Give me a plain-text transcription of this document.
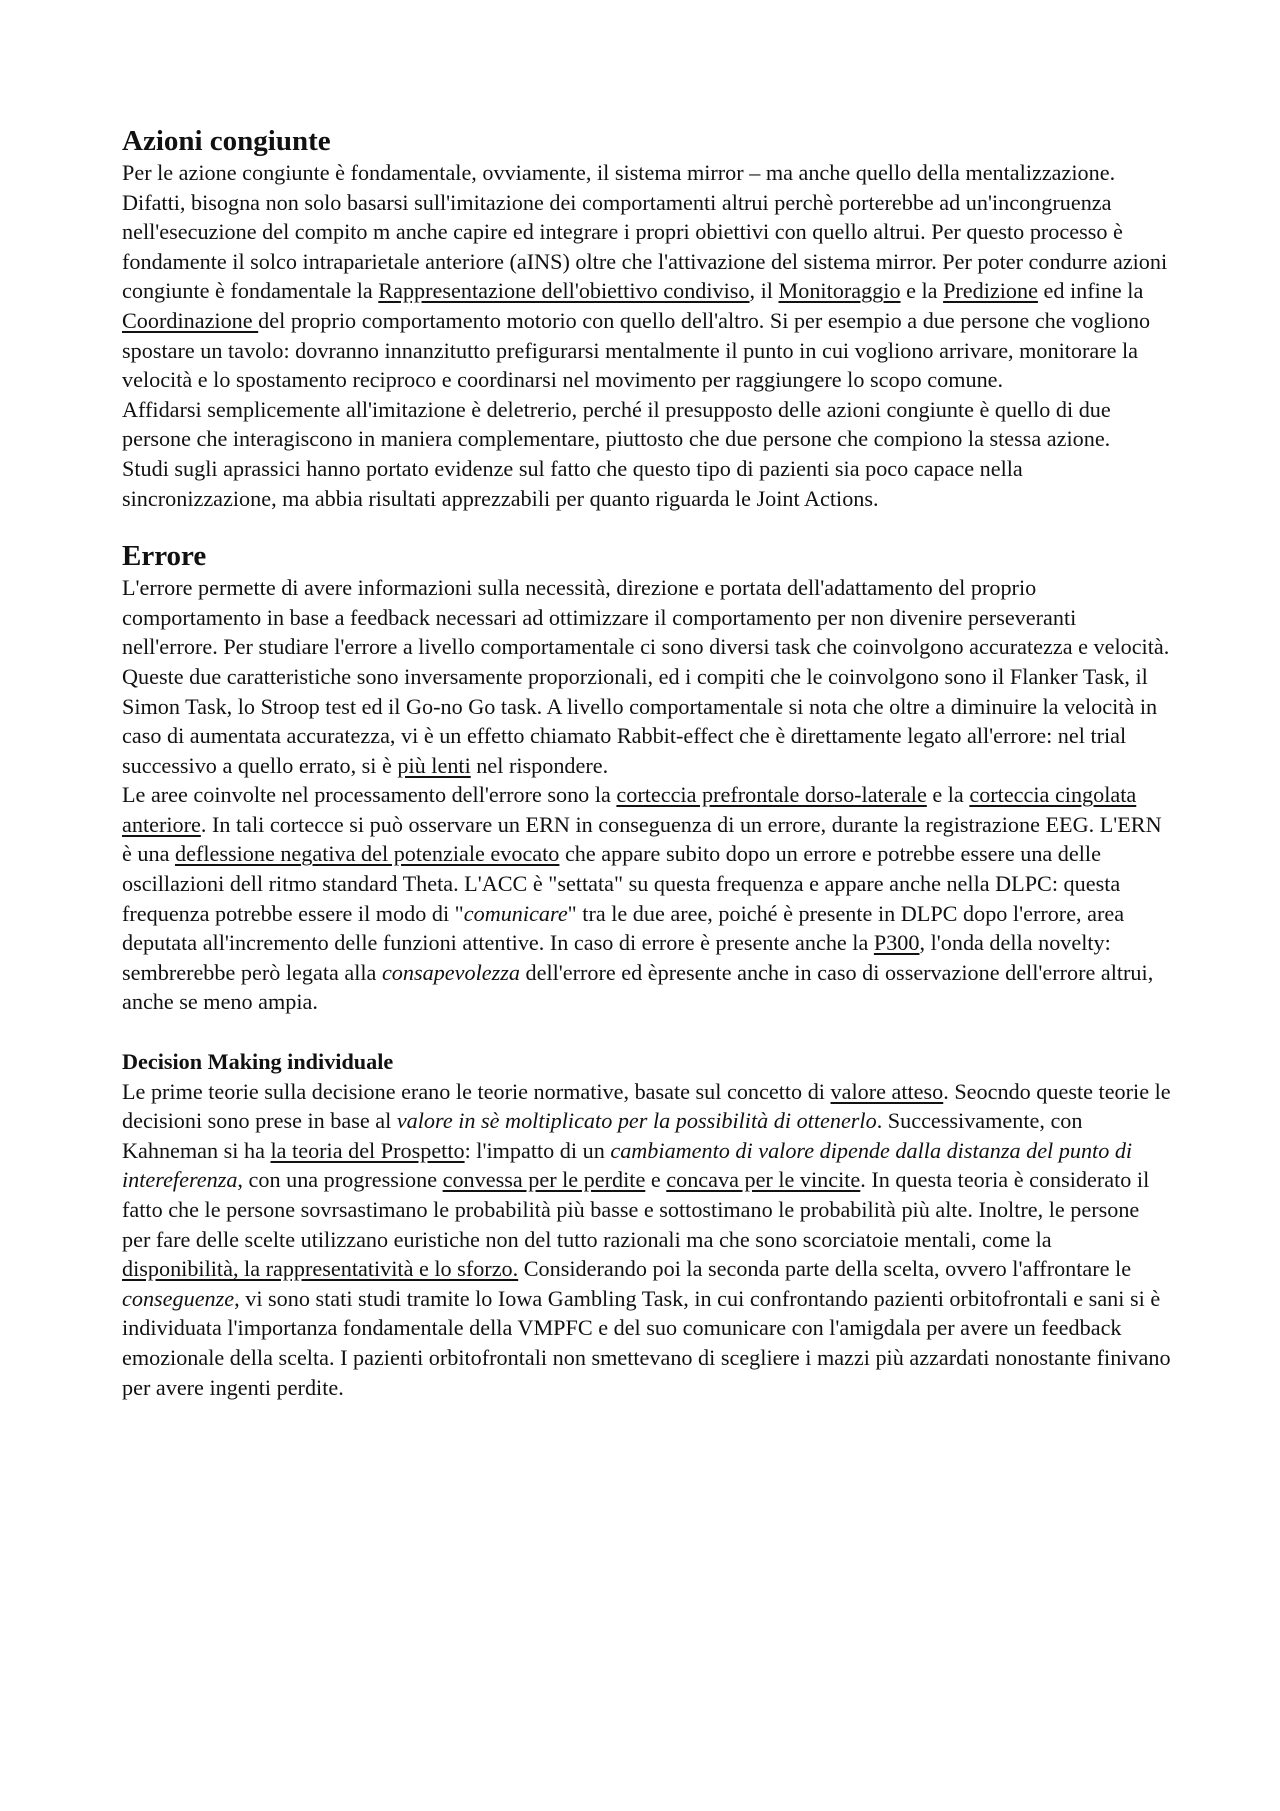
Azioni congiunte

Per le azione congiunte è fondamentale, ovviamente, il sistema mirror – ma anche quello della mentalizzazione. Difatti, bisogna non solo basarsi sull'imitazione dei comportamenti altrui perchè porterebbe ad un'incongruenza nell'esecuzione del compito m anche capire ed integrare i propri obiettivi con quello altrui. Per questo processo è fondamente il solco intraparietale anteriore (aINS) oltre che l'attivazione del sistema mirror. Per poter condurre azioni congiunte è fondamentale la Rappresentazione dell'obiettivo condiviso, il Monitoraggio e la Predizione ed infine la Coordinazione del proprio comportamento motorio con quello dell'altro. Si per esempio a due persone che vogliono spostare un tavolo: dovranno innanzitutto prefigurarsi mentalmente il punto in cui vogliono arrivare, monitorare la velocità e lo spostamento reciproco e coordinarsi nel movimento per raggiungere lo scopo comune.

Affidarsi semplicemente all'imitazione è deletrerio, perché il presupposto delle azioni congiunte è quello di due persone che interagiscono in maniera complementare, piuttosto che due persone che compiono la stessa azione.

Studi sugli aprassici hanno portato evidenze sul fatto che questo tipo di pazienti sia poco capace nella sincronizzazione, ma abbia risultati apprezzabili per quanto riguarda le Joint Actions.

Errore

L'errore permette di avere informazioni sulla necessità, direzione e portata dell'adattamento del proprio comportamento in base a feedback necessari ad ottimizzare il comportamento per non divenire perseveranti nell'errore. Per studiare l'errore a livello comportamentale ci sono diversi task che coinvolgono accuratezza e velocità. Queste due caratteristiche sono inversamente proporzionali, ed i compiti che le coinvolgono sono il Flanker Task, il Simon Task, lo Stroop test ed il Go-no Go task. A livello comportamentale si nota che oltre a diminuire la velocità in caso di aumentata accuratezza, vi è un effetto chiamato Rabbit-effect che è direttamente legato all'errore: nel trial successivo a quello errato, si è più lenti nel rispondere.

Le aree coinvolte nel processamento dell'errore sono la corteccia prefrontale dorso-laterale e la corteccia cingolata anteriore. In tali cortecce si può osservare un ERN in conseguenza di un errore, durante la registrazione EEG. L'ERN è una deflessione negativa del potenziale evocato che appare subito dopo un errore e potrebbe essere una delle oscillazioni dell ritmo standard Theta. L'ACC è "settata" su questa frequenza e appare anche nella DLPC: questa frequenza potrebbe essere il modo di "comunicare" tra le due aree, poiché è presente in DLPC dopo l'errore, area deputata all'incremento delle funzioni attentive. In caso di errore è presente anche la P300, l'onda della novelty: sembrerebbe però legata alla consapevolezza dell'errore ed èpresente anche in caso di osservazione dell'errore altrui, anche se meno ampia.

Decision Making individuale

Le prime teorie sulla decisione erano le teorie normative, basate sul concetto di valore atteso. Seocndo queste teorie le decisioni sono prese in base al valore in sè moltiplicato per la possibilità di ottenerlo. Successivamente, con Kahneman si ha la teoria del Prospetto: l'impatto di un cambiamento di valore dipende dalla distanza del punto di intereferenza, con una progressione convessa per le perdite e concava per le vincite. In questa teoria è considerato il fatto che le persone sovrsastimano le probabilità più basse e sottostimano le probabilità più alte. Inoltre, le persone per fare delle scelte utilizzano euristiche non del tutto razionali ma che sono scorciatoie mentali, come la disponibilità, la rappresentatività e lo sforzo. Considerando poi la seconda parte della scelta, ovvero l'affrontare le conseguenze, vi sono stati studi tramite lo Iowa Gambling Task, in cui confrontando pazienti orbitofrontali e sani si è individuata l'importanza fondamentale della VMPFC e del suo comunicare con l'amigdala per avere un feedback emozionale della scelta. I pazienti orbitofrontali non smettevano di scegliere i mazzi più azzardati nonostante finivano per avere ingenti perdite.
